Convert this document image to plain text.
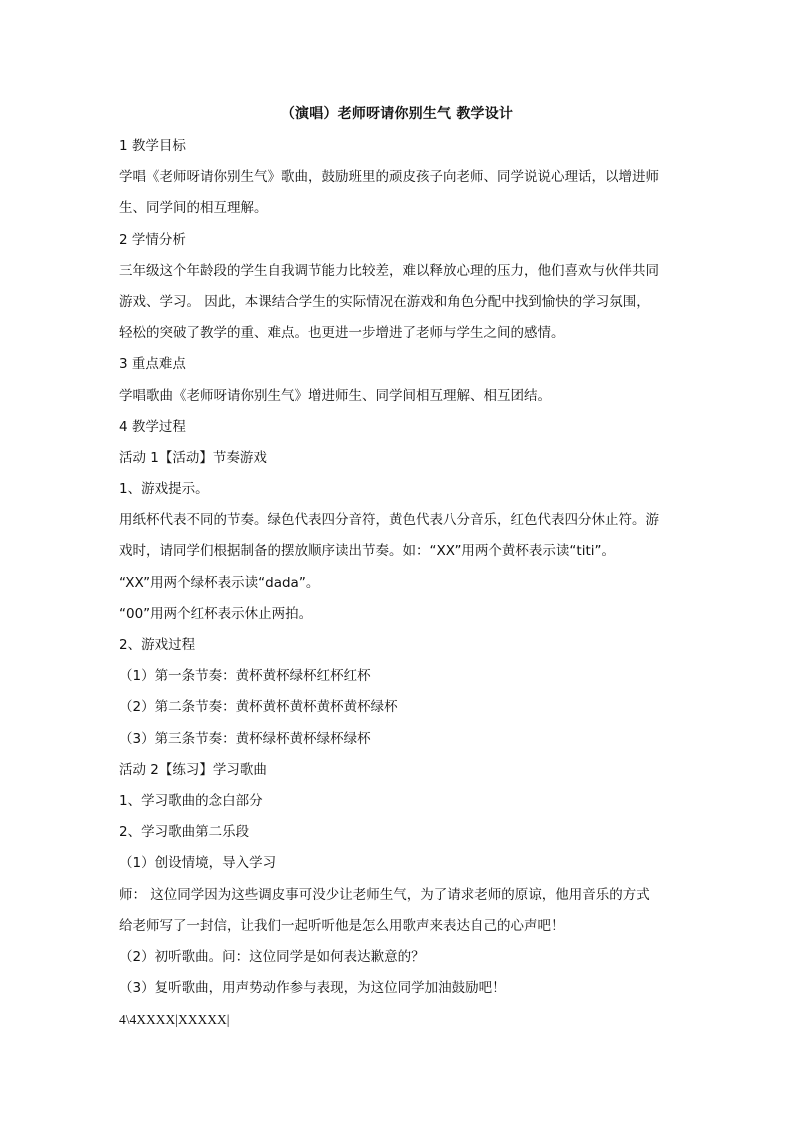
（演唱）老师呀请你别生气 教学设计
1 教学目标
学唱《老师呀请你别生气》歌曲，鼓励班里的顽皮孩子向老师、同学说说心理话，以增进师
生、同学间的相互理解。
2 学情分析
三年级这个年龄段的学生自我调节能力比较差，难以释放心理的压力，他们喜欢与伙伴共同
游戏、学习。 因此，本课结合学生的实际情况在游戏和角色分配中找到愉快的学习氛围，
轻松的突破了教学的重、难点。也更进一步增进了老师与学生之间的感情。
3 重点难点
学唱歌曲《老师呀请你别生气》增进师生、同学间相互理解、相互团结。
4 教学过程
活动 1【活动】节奏游戏
1、游戏提示。
用纸杯代表不同的节奏。绿色代表四分音符，黄色代表八分音乐，红色代表四分休止符。游
戏时，请同学们根据制备的摆放顺序读出节奏。如：“XX”用两个黄杯表示读“titi”。
“XX”用两个绿杯表示读“dada”。
“00”用两个红杯表示休止两拍。
2、游戏过程
（1）第一条节奏：黄杯黄杯绿杯红杯红杯
（2）第二条节奏：黄杯黄杯黄杯黄杯黄杯绿杯
（3）第三条节奏：黄杯绿杯黄杯绿杯绿杯
活动 2【练习】学习歌曲
1、学习歌曲的念白部分
2、学习歌曲第二乐段
（1）创设情境，导入学习
师： 这位同学因为这些调皮事可没少让老师生气，为了请求老师的原谅，他用音乐的方式
给老师写了一封信，让我们一起听听他是怎么用歌声来表达自己的心声吧！
（2）初听歌曲。问：这位同学是如何表达歉意的？
（3）复听歌曲，用声势动作参与表现，为这位同学加油鼓励吧！
4\4XXXX|XXXXX|
